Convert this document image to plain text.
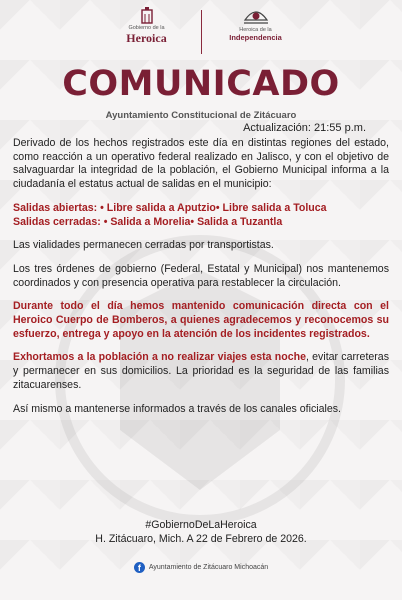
Gobierno de la
Heroica
Heroica de la
Independencia
COMUNICADO
Ayuntamiento Constitucional de Zitácuaro
Actualización: 21:55 p.m.

Derivado de los hechos registrados este día en distintas regiones del estado, como reacción a un operativo federal realizado en Jalisco, y con el objetivo de salvaguardar la integridad de la población, el Gobierno Municipal informa a la ciudadanía el estatus actual de salidas en el municipio:

Salidas abiertas: • Libre salida a Aputzio• Libre salida a Toluca
Salidas cerradas: • Salida a Morelia• Salida a Tuzantla

Las vialidades permanecen cerradas por transportistas.

Los tres órdenes de gobierno (Federal, Estatal y Municipal) nos mantenemos coordinados y con presencia operativa para restablecer la circulación.

Durante todo el día hemos mantenido comunicación directa con el Heroico Cuerpo de Bomberos, a quienes agradecemos y reconocemos su esfuerzo, entrega y apoyo en la atención de los incidentes registrados.

Exhortamos a la población a no realizar viajes esta noche, evitar carreteras y permanecer en sus domicilios. La prioridad es la seguridad de las familias zitacuarenses.

Así mismo a mantenerse informados a través de los canales oficiales.

#GobiernoDeLaHeroica
H. Zitácuaro, Mich. A 22 de Febrero de 2026.
f	Ayuntamiento de Zitácuaro Michoacán
